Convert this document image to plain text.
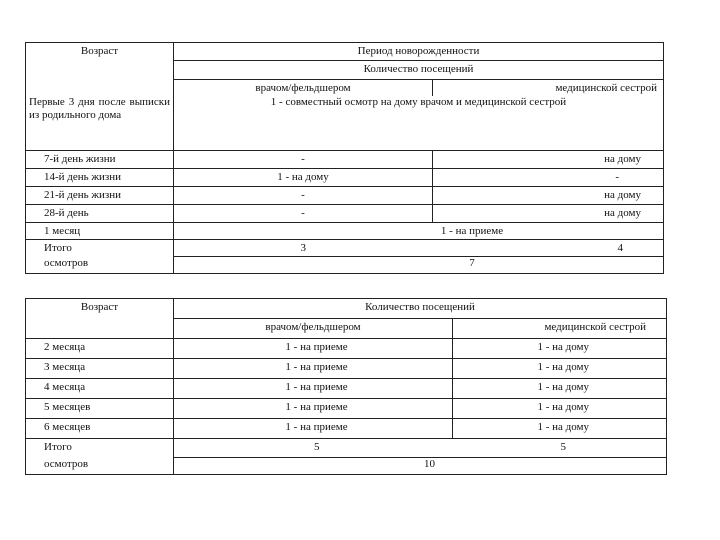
Возраст	Период новорожденности	
	Количество посещений	
	врачом/фельдшером	медицинской сестрой

Первые 3 дня после выписки из родильного дома	1 - совместный осмотр на дому врачом и медицинской сестрой	
7-й день жизни	-	на дому
14-й день жизни	1 - на дому	-
21-й день жизни	-	на дому
28-й день	-	на дому
1 месяц	1 - на приеме	
Итого	3	4
осмотров	7	
Возраст	Количество посещений	
	врачом/фельдшером	медицинской сестрой
2 месяца	1 - на приеме	1 - на дому
3 месяца	1 - на приеме	1 - на дому
4 месяца	1 - на приеме	1 - на дому
5 месяцев	1 - на приеме	1 - на дому
6 месяцев	1 - на приеме	1 - на дому
Итого	5	5
осмотров	10	
